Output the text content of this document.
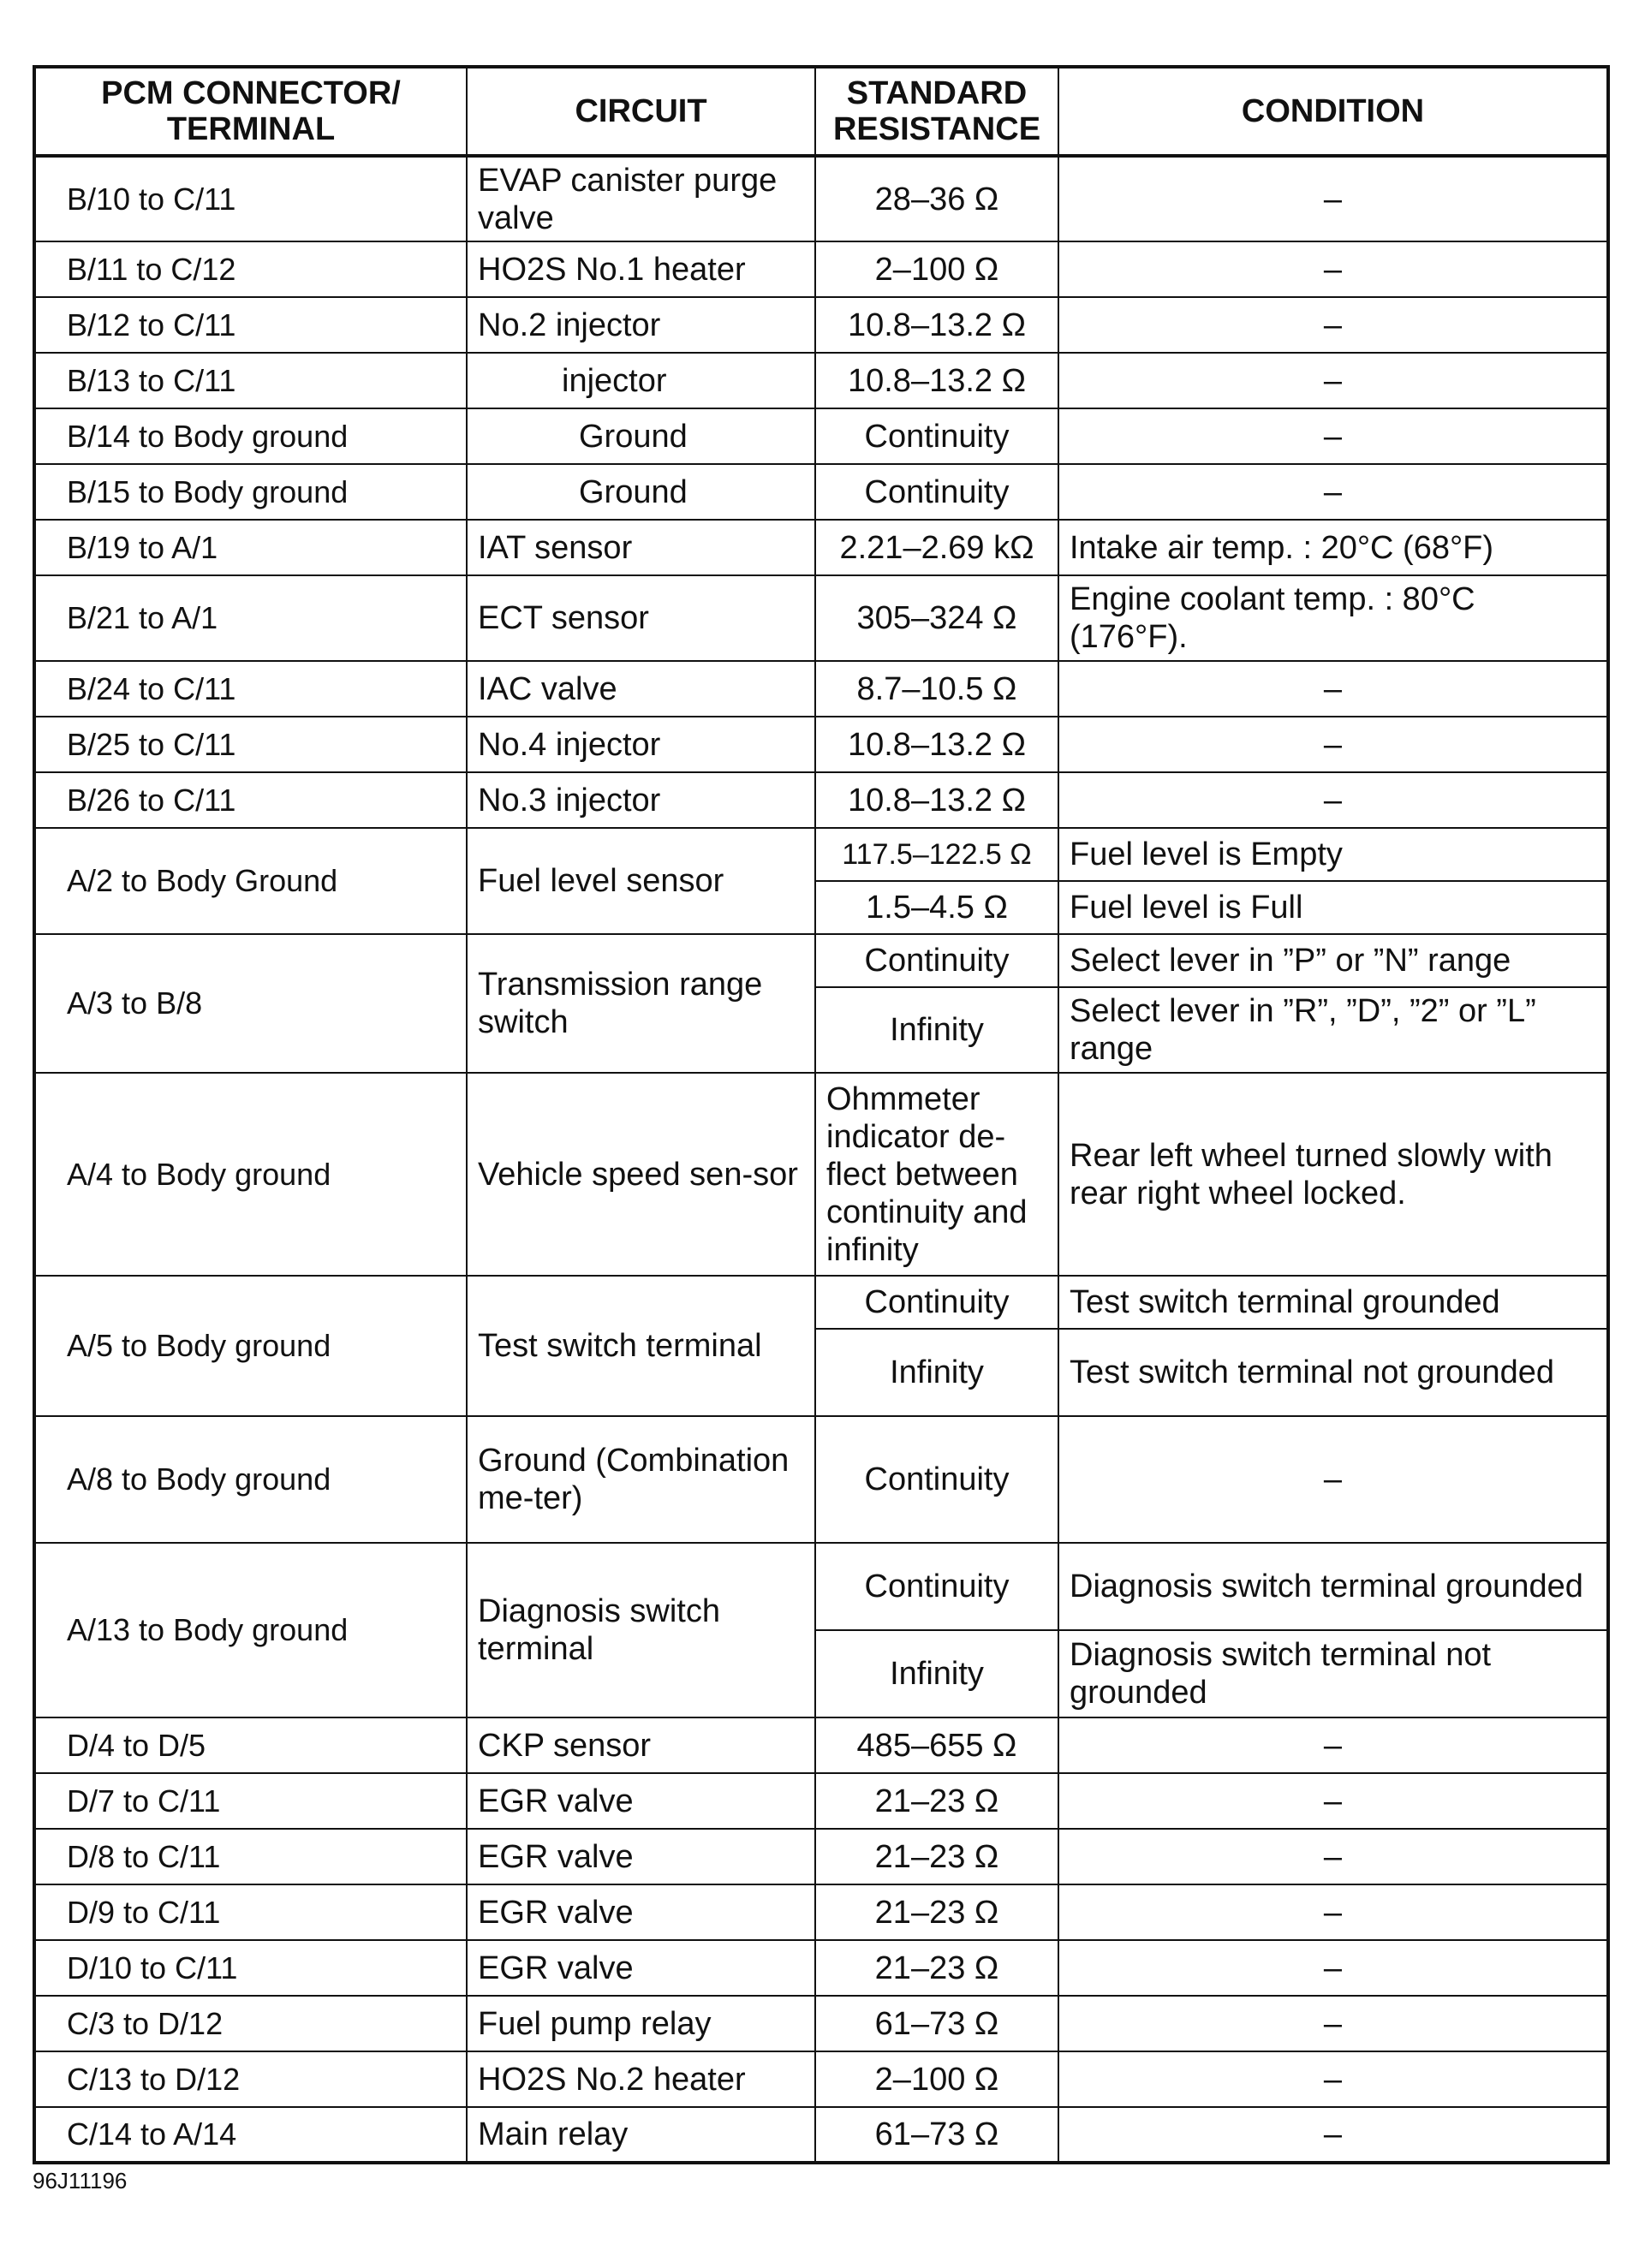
PCM CONNECTOR/ TERMINAL	CIRCUIT	STANDARD RESISTANCE	CONDITION
B/10 to C/11	EVAP canister purge valve	28–36 Ω	–
B/11 to C/12	HO2S No.1 heater	2–100 Ω	–
B/12 to C/11	No.2 injector	10.8–13.2 Ω	–
B/13 to C/11	injector	10.8–13.2 Ω	–
B/14 to Body ground	Ground	Continuity	–
B/15 to Body ground	Ground	Continuity	–
B/19 to A/1	IAT sensor	2.21–2.69 kΩ	Intake air temp. : 20°C (68°F)
B/21 to A/1	ECT sensor	305–324 Ω	Engine coolant temp. : 80°C (176°F).
B/24 to C/11	IAC valve	8.7–10.5 Ω	–
B/25 to C/11	No.4 injector	10.8–13.2 Ω	–
B/26 to C/11	No.3 injector	10.8–13.2 Ω	–
A/2 to Body Ground	Fuel level sensor	117.5–122.5 Ω	Fuel level is Empty
		1.5–4.5 Ω	Fuel level is Full
A/3 to B/8	Transmission range switch	Continuity	Select lever in ”P” or ”N” range
		Infinity	Select lever in ”R”, ”D”, ”2” or ”L” range
A/4 to Body ground	Vehicle speed sen-sor	Ohmmeter indicator de-flect between continuity and infinity	Rear left wheel turned slowly with rear right wheel locked.
A/5 to Body ground	Test switch terminal	Continuity	Test switch terminal grounded
		Infinity	Test switch terminal not grounded
A/8 to Body ground	Ground (Combination me-ter)	Continuity	–
A/13 to Body ground	Diagnosis switch terminal	Continuity	Diagnosis switch terminal grounded
		Infinity	Diagnosis switch terminal not grounded
D/4 to D/5	CKP sensor	485–655 Ω	–
D/7 to C/11	EGR valve	21–23 Ω	–
D/8 to C/11	EGR valve	21–23 Ω	–
D/9 to C/11	EGR valve	21–23 Ω	–
D/10 to C/11	EGR valve	21–23 Ω	–
C/3 to D/12	Fuel pump relay	61–73 Ω	–
C/13 to D/12	HO2S No.2 heater	2–100 Ω	–
C/14 to A/14	Main relay	61–73 Ω	–
96J11196
